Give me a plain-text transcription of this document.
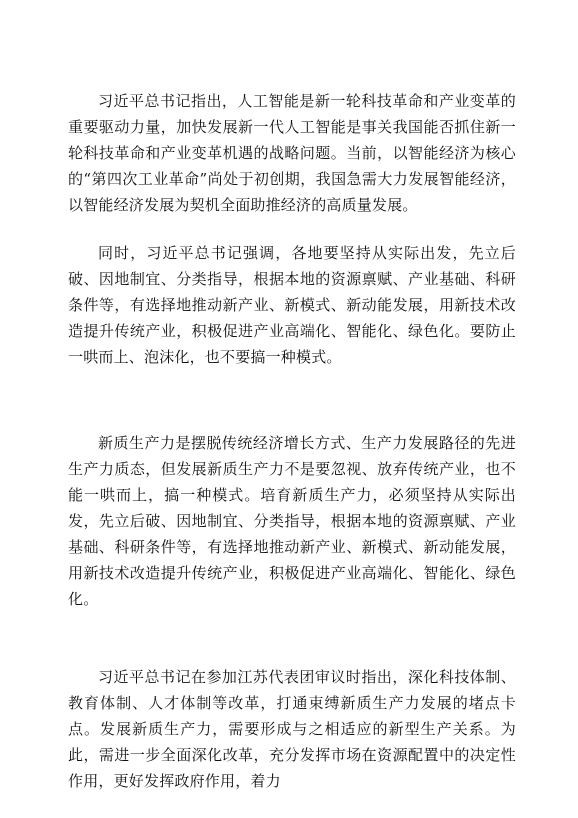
习近平总书记指出，人工智能是新一轮科技革命和产业变革的重要驱动力量，加快发展新一代人工智能是事关我国能否抓住新一轮科技革命和产业变革机遇的战略问题。当前，以智能经济为核心的“第四次工业革命”尚处于初创期，我国急需大力发展智能经济，以智能经济发展为契机全面助推经济的高质量发展。

同时，习近平总书记强调，各地要坚持从实际出发，先立后破、因地制宜、分类指导，根据本地的资源禀赋、产业基础、科研条件等，有选择地推动新产业、新模式、新动能发展，用新技术改造提升传统产业，积极促进产业高端化、智能化、绿色化。要防止一哄而上、泡沫化，也不要搞一种模式。

新质生产力是摆脱传统经济增长方式、生产力发展路径的先进生产力质态，但发展新质生产力不是要忽视、放弃传统产业，也不能一哄而上，搞一种模式。培育新质生产力，必须坚持从实际出发，先立后破、因地制宜、分类指导，根据本地的资源禀赋、产业基础、科研条件等，有选择地推动新产业、新模式、新动能发展，用新技术改造提升传统产业，积极促进产业高端化、智能化、绿色化。

习近平总书记在参加江苏代表团审议时指出，深化科技体制、教育体制、人才体制等改革，打通束缚新质生产力发展的堵点卡点。发展新质生产力，需要形成与之相适应的新型生产关系。为此，需进一步全面深化改革，充分发挥市场在资源配置中的决定性作用，更好发挥政府作用，着力
